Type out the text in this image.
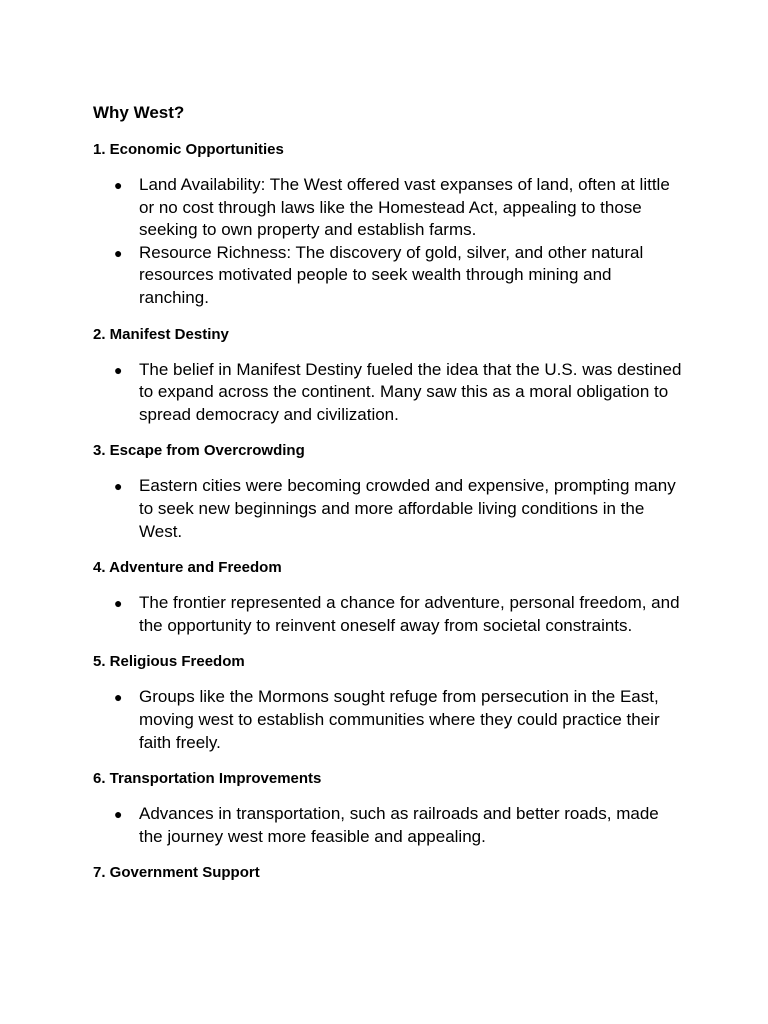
Why West?
1. Economic Opportunities
● Land Availability: The West offered vast expanses of land, often at little or no cost through laws like the Homestead Act, appealing to those seeking to own property and establish farms.
● Resource Richness: The discovery of gold, silver, and other natural resources motivated people to seek wealth through mining and ranching.
2. Manifest Destiny
● The belief in Manifest Destiny fueled the idea that the U.S. was destined to expand across the continent. Many saw this as a moral obligation to spread democracy and civilization.
3. Escape from Overcrowding
● Eastern cities were becoming crowded and expensive, prompting many to seek new beginnings and more affordable living conditions in the West.
4. Adventure and Freedom
● The frontier represented a chance for adventure, personal freedom, and the opportunity to reinvent oneself away from societal constraints.
5. Religious Freedom
● Groups like the Mormons sought refuge from persecution in the East, moving west to establish communities where they could practice their faith freely.
6. Transportation Improvements
● Advances in transportation, such as railroads and better roads, made the journey west more feasible and appealing.
7. Government Support
